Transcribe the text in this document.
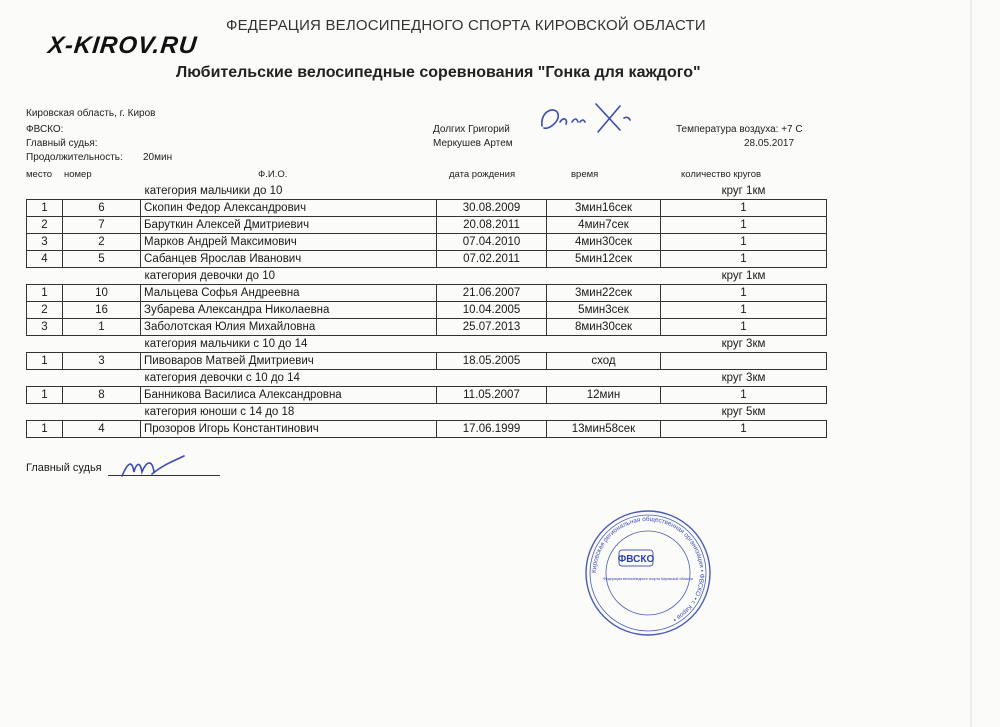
ФЕДЕРАЦИЯ ВЕЛОСИПЕДНОГО СПОРТА КИРОВСКОЙ ОБЛАСТИ
X-KIROV.RU
Любительские велосипедные соревнования "Гонка для каждого"
Кировская область, г. Киров
ФВСКО:
Главный судья:
Продолжительность: 20мин
Долгих Григорий
Меркушев Артем
Температура воздуха: +7 С
28.05.2017
место номер	Ф.И.О.	дата рождения	время	количество кругов
		категория мальчики до 10			круг 1км
1	6	Скопин Федор Александрович	30.08.2009	3мин16сек	1
2	7	Баруткин Алексей Дмитриевич	20.08.2011	4мин7сек	1
3	2	Марков Андрей Максимович	07.04.2010	4мин30сек	1
4	5	Сабанцев Ярослав Иванович	07.02.2011	5мин12сек	1
		категория девочки до 10			круг 1км
1	10	Мальцева Софья Андреевна	21.06.2007	3мин22сек	1
2	16	Зубарева Александра Николаевна	10.04.2005	5мин3сек	1
3	1	Заболотская Юлия Михайловна	25.07.2013	8мин30сек	1
		категория мальчики с 10 до 14			круг 3км
1	3	Пивоваров Матвей Дмитриевич	18.05.2005	сход	
		категория девочки с 10 до 14			круг 3км
1	8	Банникова Василиса Александровна	11.05.2007	12мин	1
		категория юноши с 14 до 18			круг 5км
1	4	Прозоров Игорь Константинович	17.06.1999	13мин58сек	1
Главный судья
Кировская региональная общественная организация • ФВСКО • г. Киров •
ФВСКО
Федерация велосипедного спорта Кировской области
